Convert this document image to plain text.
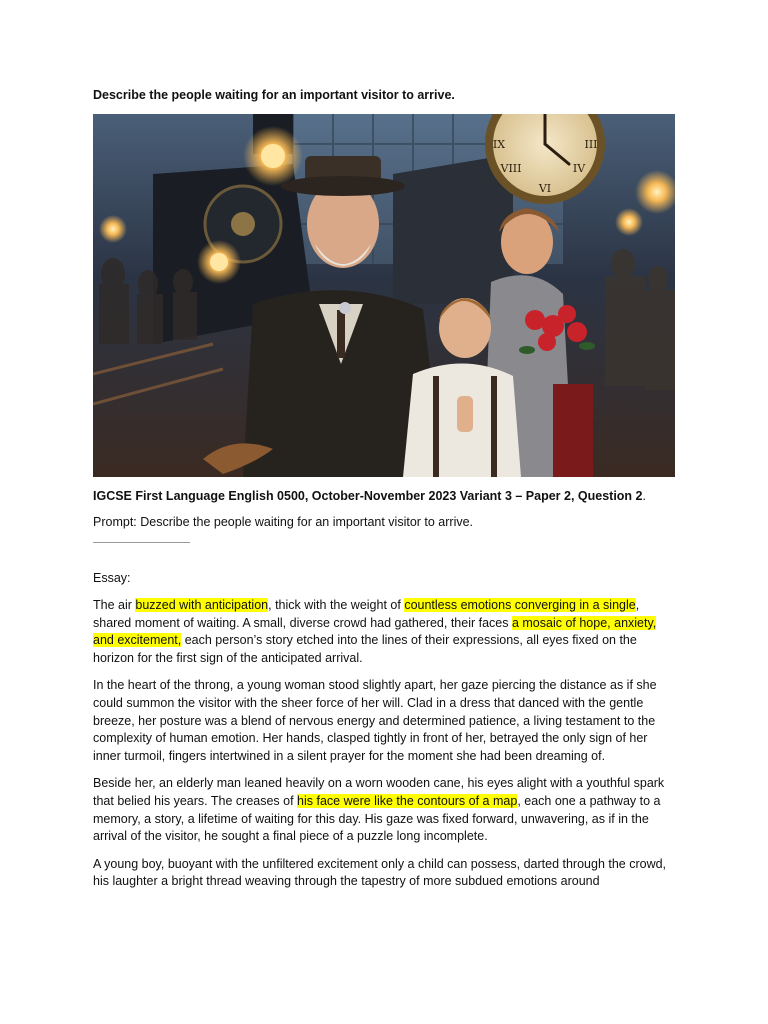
Describe the people waiting for an important visitor to arrive.
IX	III
VI
VIII	IV
IGCSE First Language English 0500, October-November 2023 Variant 3 – Paper 2, Question 2.
Prompt: Describe the people waiting for an important visitor to arrive.
Essay:

The air buzzed with anticipation, thick with the weight of countless emotions converging in a single, shared moment of waiting. A small, diverse crowd had gathered, their faces a mosaic of hope, anxiety, and excitement, each person’s story etched into the lines of their expressions, all eyes fixed on the horizon for the first sign of the anticipated arrival.

In the heart of the throng, a young woman stood slightly apart, her gaze piercing the distance as if she could summon the visitor with the sheer force of her will. Clad in a dress that danced with the gentle breeze, her posture was a blend of nervous energy and determined patience, a living testament to the complexity of human emotion. Her hands, clasped tightly in front of her, betrayed the only sign of her inner turmoil, fingers intertwined in a silent prayer for the moment she had been dreaming of.

Beside her, an elderly man leaned heavily on a worn wooden cane, his eyes alight with a youthful spark that belied his years. The creases of his face were like the contours of a map, each one a pathway to a memory, a story, a lifetime of waiting for this day. His gaze was fixed forward, unwavering, as if in the arrival of the visitor, he sought a final piece of a puzzle long incomplete.

A young boy, buoyant with the unfiltered excitement only a child can possess, darted through the crowd, his laughter a bright thread weaving through the tapestry of more subdued emotions around
